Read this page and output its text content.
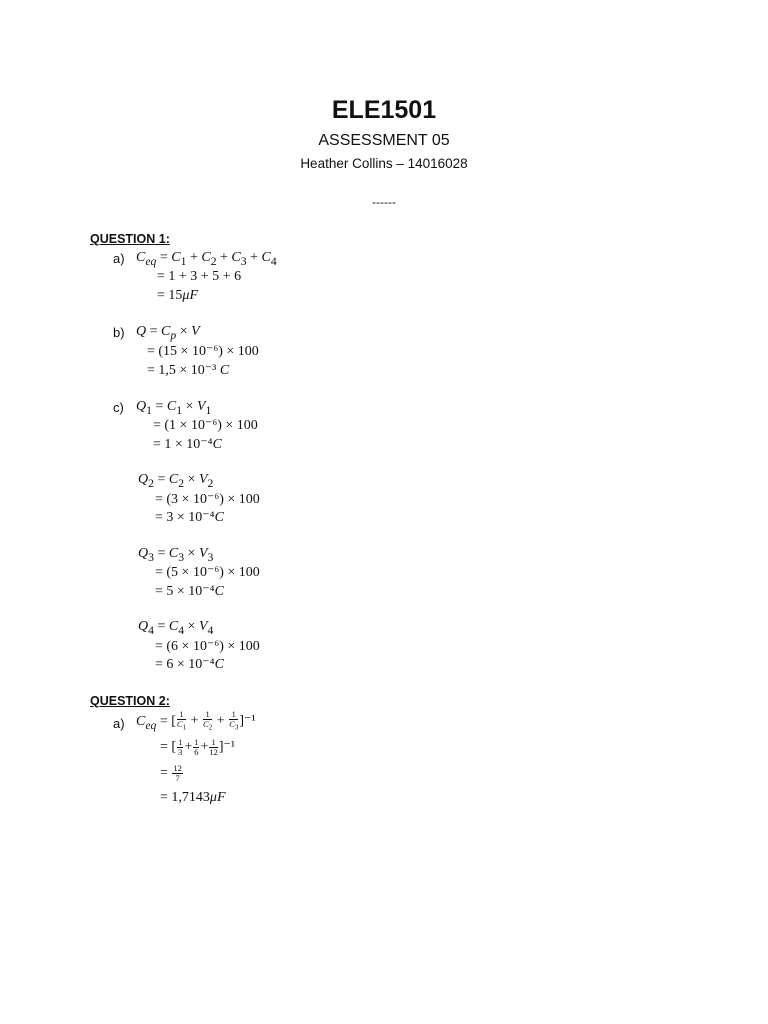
ELE1501
ASSESSMENT 05
Heather Collins – 14016028
------
QUESTION 1:
a) $C_{eq} = C_1 + C_2 + C_3 + C_4$
= 1 + 3 + 5 + 6
= 15μF
b) $Q = C_p \times V$
= (15 × 10⁻⁶) × 100
= 1,5 × 10⁻³ C
c) $Q_1 = C_1 \times V_1$
= (1 × 10⁻⁶) × 100
= 1 × 10⁻⁴C
$Q_2 = C_2 \times V_2$
= (3 × 10⁻⁶) × 100
= 3 × 10⁻⁴C
$Q_3 = C_3 \times V_3$
= (5 × 10⁻⁶) × 100
= 5 × 10⁻⁴C
$Q_4 = C_4 \times V_4$
= (6 × 10⁻⁶) × 100
= 6 × 10⁻⁴C
QUESTION 2:
a) $C_{eq}$ = [ $\frac{1}{C_1} + \frac{1}{C_2} + \frac{1}{C_3} ]^{-1}$
= [ $\frac{1}{3} + \frac{1}{6} + \frac{1}{12} ]^{-1}$
= $\frac{12}{7}$
= 1,7143μF
